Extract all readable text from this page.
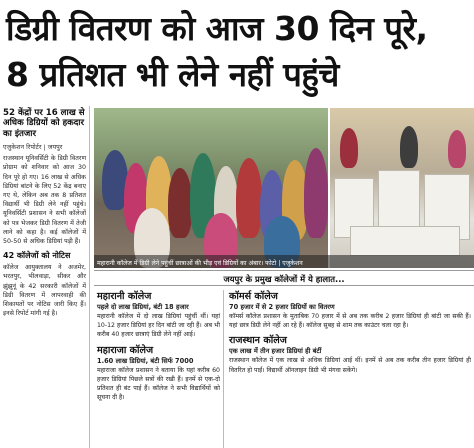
डिग्री वितरण को आज 30 दिन पूरे,
8 प्रतिशत भी लेने नहीं पहुंचे
52 केंद्रों पर 16 लाख से अधिक डिग्रियों को हकदार का इंतजार
एजुकेशन रिपोर्टर | जयपुर
राजस्थान यूनिवर्सिटी के डिग्री वितरण प्रोग्राम को शनिवार को आज 30 दिन पूरे हो गए। 16 लाख से अधिक डिग्रियां बांटने के लिए 52 केंद्र बनाए गए थे, लेकिन अब तक 8 प्रतिशत विद्यार्थी भी डिग्री लेने नहीं पहुंचे। यूनिवर्सिटी प्रशासन ने सभी कॉलेजों को पत्र भेजकर डिग्री वितरण में तेजी लाने को कहा है। कई कॉलेजों में 50-50 से अधिक डिग्रियां पड़ी हैं।
42 कॉलेजों को नोटिस
कॉलेज आयुक्तालय ने अजमेर, भरतपुर, भीलवाड़ा, सीकर और झुंझुनूं के 42 सरकारी कॉलेजों में डिग्री वितरण में लापरवाही की शिकायतों पर नोटिस जारी किए हैं। इनसे रिपोर्ट मांगी गई है।
महारानी कॉलेज में डिग्री लेने पहुंचीं छात्राओं की भीड़ एवं डिग्रियों का अंबार। फोटो | एजुकेशन
जयपुर के प्रमुख कॉलेजों में ये हालात...
महारानी कॉलेज
पहले दो लाख डिग्रियां, बंटी 18 हजार
महारानी कॉलेज में दो लाख डिग्रियां पहुंचीं थीं। यहां 10-12 हजार डिग्रियां हर दिन बांटी जा रही हैं। अब भी करीब 40 हजार छात्राएं डिग्री लेने नहीं आई।
महाराजा कॉलेज
1.60 लाख डिग्रियां, बंटी सिर्फ 7000
महाराजा कॉलेज प्रशासन ने बताया कि यहां करीब 60 हजार डिग्रियां पिछले सत्रों की रखी हैं। इनमें से एक-दो प्रतिशत ही बंट पाई हैं। कॉलेज ने सभी विद्यार्थियों को सूचना दी है।
कॉमर्स कॉलेज
70 हजार में से 2 हजार डिग्रियों का वितरण
कॉमर्स कॉलेज प्रशासन के मुताबिक 70 हजार में से अब तक करीब 2 हजार डिग्रियां ही बांटी जा सकी हैं। यहां छात्र डिग्री लेने नहीं आ रहे हैं। कॉलेज सुबह से शाम तक काउंटर चला रहा है।
राजस्थान कॉलेज
एक लाख में तीन हजार डिग्रियां ही बंटीं
राजस्थान कॉलेज में एक लाख से अधिक डिग्रियां आई थीं। इनमें से अब तक करीब तीन हजार डिग्रियां ही वितरित हो पाईं। विद्यार्थी ऑनलाइन डिग्री भी मंगवा सकेंगे।
